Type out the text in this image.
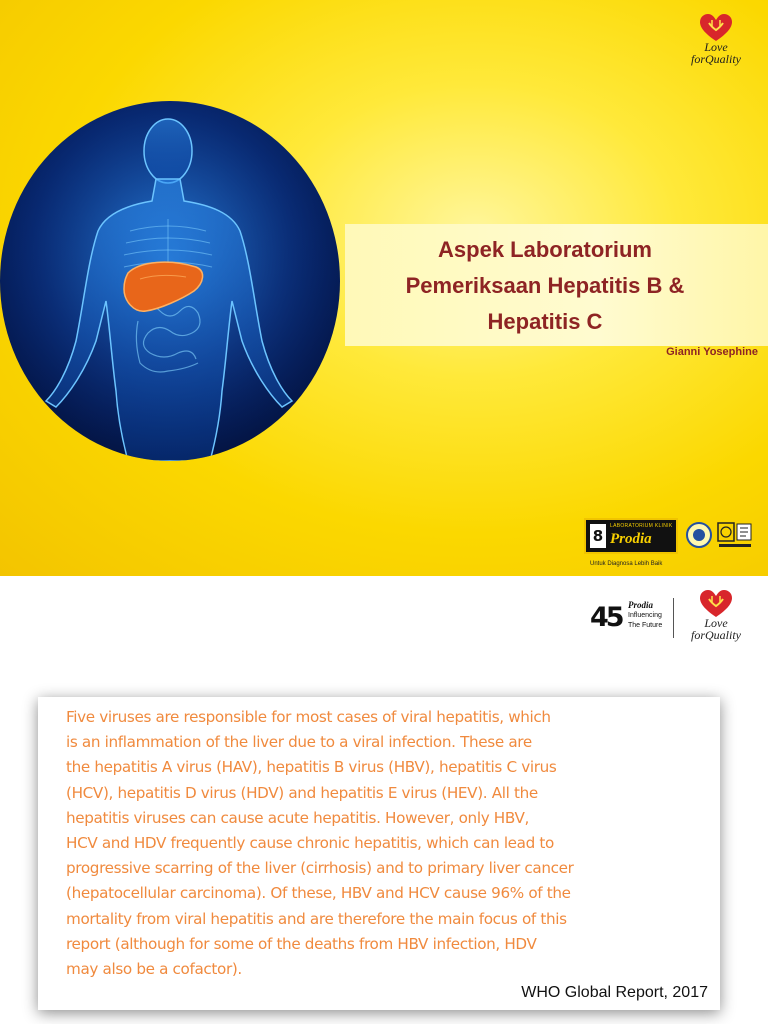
Love
forQuality
Aspek Laboratorium
Pemeriksaan Hepatitis B &
Hepatitis C
Gianni Yosephine
8
LABORATORIUM KLINIK
Prodia
Untuk Diagnosa Lebih Baik
45 Prodia
Influencing
The Future	Love
forQuality
Five viruses are responsible for most cases of viral hepatitis, which
is an inflammation of the liver due to a viral infection. These are
the hepatitis A virus (HAV), hepatitis B virus (HBV), hepatitis C virus
(HCV), hepatitis D virus (HDV) and hepatitis E virus (HEV). All the
hepatitis viruses can cause acute hepatitis. However, only HBV,
HCV and HDV frequently cause chronic hepatitis, which can lead to
progressive scarring of the liver (cirrhosis) and to primary liver cancer
(hepatocellular carcinoma). Of these, HBV and HCV cause 96% of the
mortality from viral hepatitis and are therefore the main focus of this
report (although for some of the deaths from HBV infection, HDV
may also be a cofactor).
WHO Global Report, 2017
